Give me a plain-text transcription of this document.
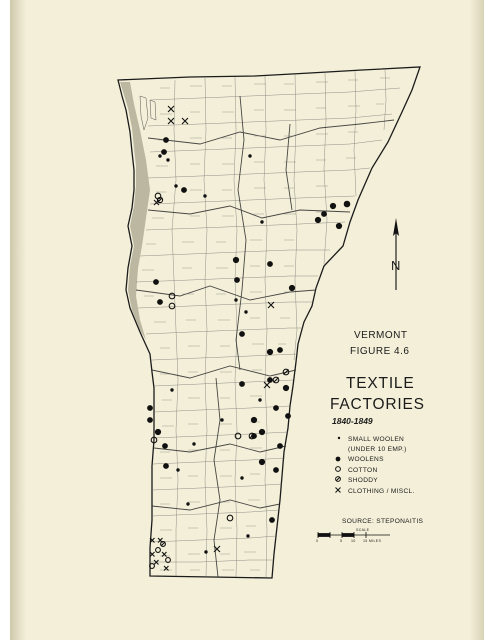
N
VERMONT
FIGURE 4.6
TEXTILE
FACTORIES
1840-1849
SMALL WOOLEN
(UNDER 10 EMP.)
WOOLENS
COTTON
SHODDY
CLOTHING / MISCL.
SOURCE: STEPONAITIS
SCALE
0	5 10 15 MILES
